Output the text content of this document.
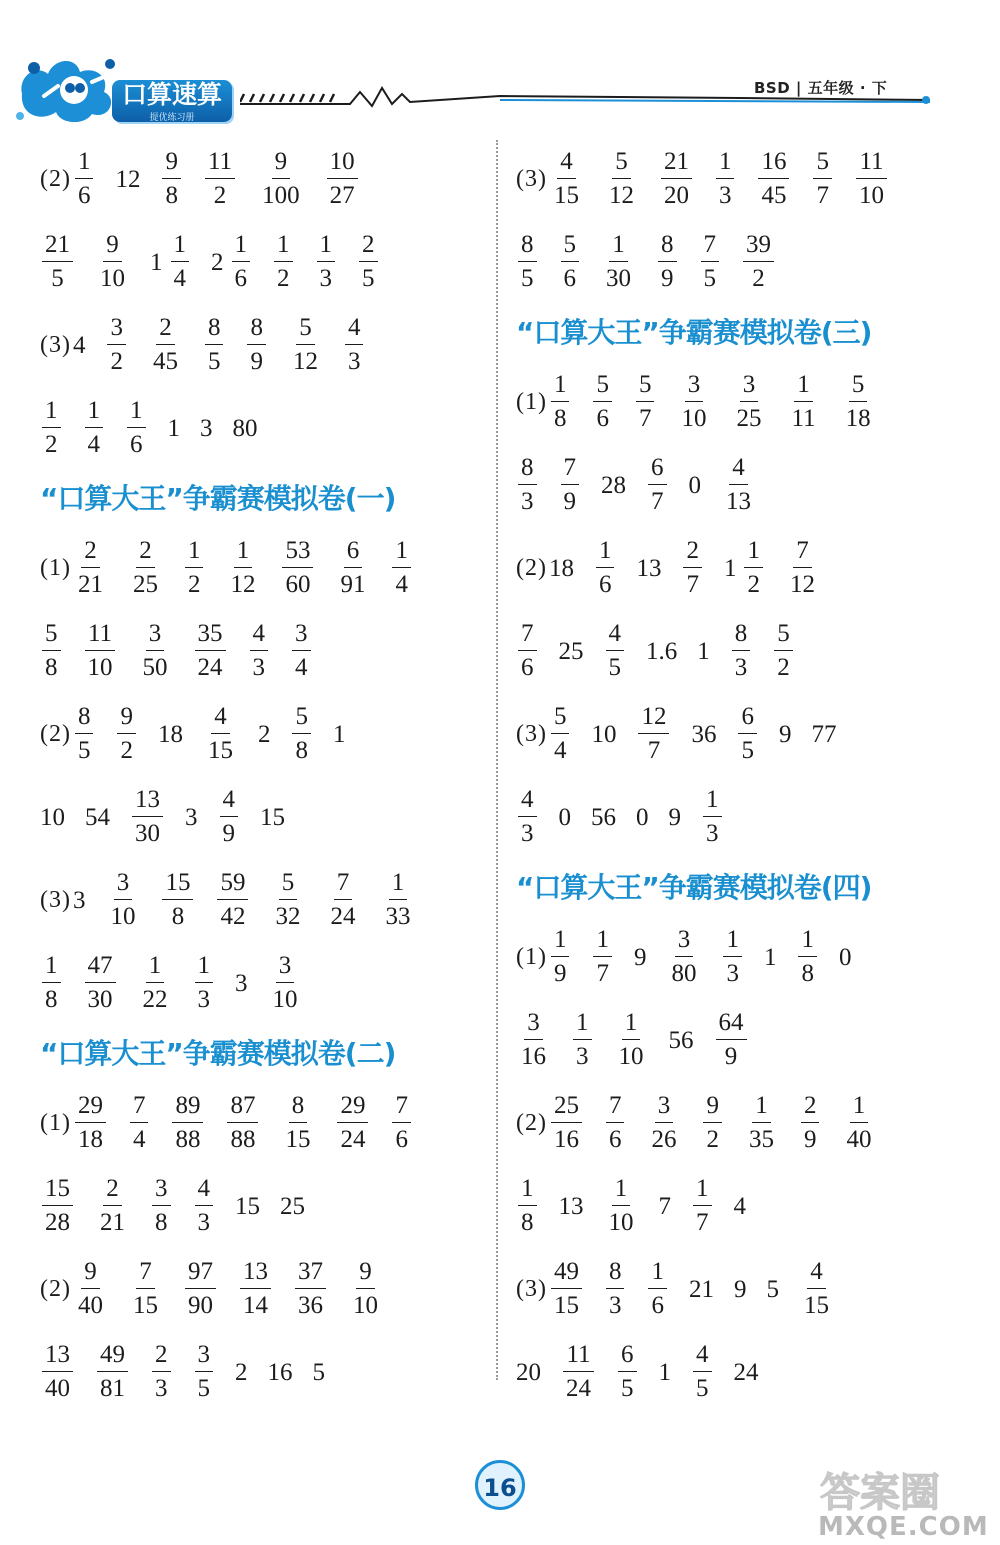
口算速算
提优练习册
BSD | 五年级 · 下
$(2) \frac{1}{6} 12 \frac{9}{8} \frac{11}{2} \frac{9}{100} \frac{10}{27}$
$\frac{21}{5} \frac{9}{10} 1 \frac{1}{4} 2 \frac{1}{6} \frac{1}{2} \frac{1}{3} \frac{2}{5}$
(3) $4 \frac{3}{2} \frac{2}{45} \frac{8}{5} \frac{8}{9} \frac{5}{12} \frac{4}{3}$
$\frac{1}{2} \frac{1}{4} \frac{1}{6} 1$ 3 80
“口算大王”争霸赛模拟卷(一)
$(1) \frac{2}{21} \frac{2}{25} \frac{1}{2} \frac{1}{12} \frac{53}{60} \frac{6}{91} \frac{1}{4}$
$\frac{5}{8} \frac{11}{10} \frac{3}{50} \frac{35}{24} \frac{4}{3} \frac{3}{4}$
$(2) \frac{8}{5} \frac{9}{2} 18 \frac{4}{15} 2 \frac{5}{8} 1$
10 $54 \frac{13}{30} 3 \frac{4}{9} 15$
(3) $3 \frac{3}{10} \frac{15}{8} \frac{59}{42} \frac{5}{32} \frac{7}{24} \frac{1}{33}$
$\frac{1}{8} \frac{47}{30} \frac{1}{22} \frac{1}{3} 3 \frac{3}{10}$
“口算大王”争霸赛模拟卷(二)
$(1) \frac{29}{18} \frac{7}{4} \frac{89}{88} \frac{87}{88} \frac{8}{15} \frac{29}{24} \frac{7}{6}$
$\frac{15}{28} \frac{2}{21} \frac{3}{8} \frac{4}{3} 15$ 25
$(2) \frac{9}{40} \frac{7}{15} \frac{97}{90} \frac{13}{14} \frac{37}{36} \frac{9}{10}$
$\frac{13}{40} \frac{49}{81} \frac{2}{3} \frac{3}{5} 2$ 16 5
$(3) \frac{4}{15} \frac{5}{12} \frac{21}{20} \frac{1}{3} \frac{16}{45} \frac{5}{7} \frac{11}{10}$
$\frac{8}{5} \frac{5}{6} \frac{1}{30} \frac{8}{9} \frac{7}{5} \frac{39}{2}$
“口算大王”争霸赛模拟卷(三)
$(1) \frac{1}{8} \frac{5}{6} \frac{5}{7} \frac{3}{10} \frac{3}{25} \frac{1}{11} \frac{5}{18}$
$\frac{8}{3} \frac{7}{9} 28 \frac{6}{7} 0 \frac{4}{13}$
(2) $18 \frac{1}{6} 13 \frac{2}{7} 1 \frac{1}{2} \frac{7}{12}$
$\frac{7}{6} 25 \frac{4}{5} 1.6$ $1 \frac{8}{3} \frac{5}{2}$
$(3) \frac{5}{4} 10 \frac{12}{7} 36 \frac{6}{5} 9$ 77
$\frac{4}{3} 0$ 56 0 $9 \frac{1}{3}$
“口算大王”争霸赛模拟卷(四)
$(1) \frac{1}{9} \frac{1}{7} 9 \frac{3}{80} \frac{1}{3} 1 \frac{1}{8} 0$
$\frac{3}{16} \frac{1}{3} \frac{1}{10} 56 \frac{64}{9}$
$(2) \frac{25}{16} \frac{7}{6} \frac{3}{26} \frac{9}{2} \frac{1}{35} \frac{2}{9} \frac{1}{40}$
$\frac{1}{8} 13 \frac{1}{10} 7 \frac{1}{7} 4$
$(3) \frac{49}{15} \frac{8}{3} \frac{1}{6} 21$ 9 $5 \frac{4}{15}$
$20 \frac{11}{24} \frac{6}{5} 1 \frac{4}{5} 24$
16	答案圈
MXQE.COM
